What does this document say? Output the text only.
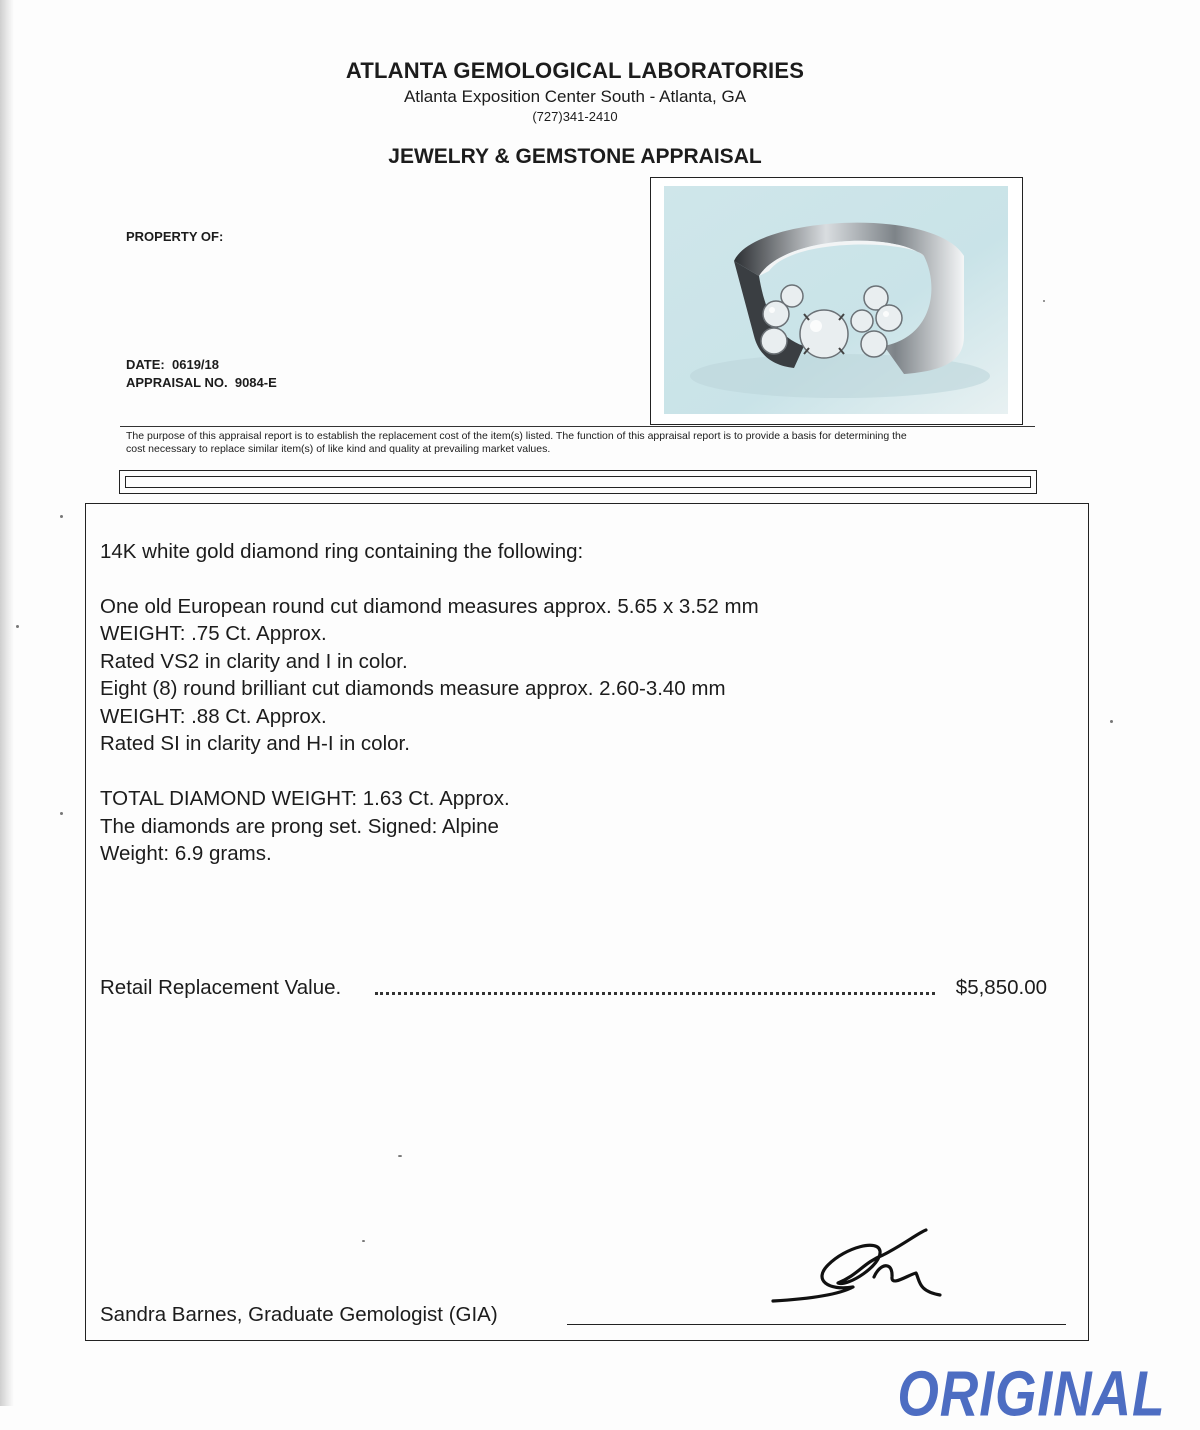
ATLANTA GEMOLOGICAL LABORATORIES
Atlanta Exposition Center South - Atlanta, GA
(727)341-2410
JEWELRY & GEMSTONE APPRAISAL
PROPERTY OF:
DATE: 0619/18
APPRAISAL NO. 9084-E
The purpose of this appraisal report is to establish the replacement cost of the item(s) listed. The function of this appraisal report is to provide a basis for determining the
cost necessary to replace similar item(s) of like kind and quality at prevailing market values.
14K white gold diamond ring containing the following:
One old European round cut diamond measures approx. 5.65 x 3.52 mm
WEIGHT: .75 Ct. Approx.
Rated VS2 in clarity and I in color.
Eight (8) round brilliant cut diamonds measure approx. 2.60-3.40 mm
WEIGHT: .88 Ct. Approx.
Rated SI in clarity and H-I in color.
TOTAL DIAMOND WEIGHT: 1.63 Ct. Approx.
The diamonds are prong set. Signed: Alpine
Weight: 6.9 grams.
Retail Replacement Value.	$5,850.00
Sandra Barnes, Graduate Gemologist (GIA)
ORIGINAL
